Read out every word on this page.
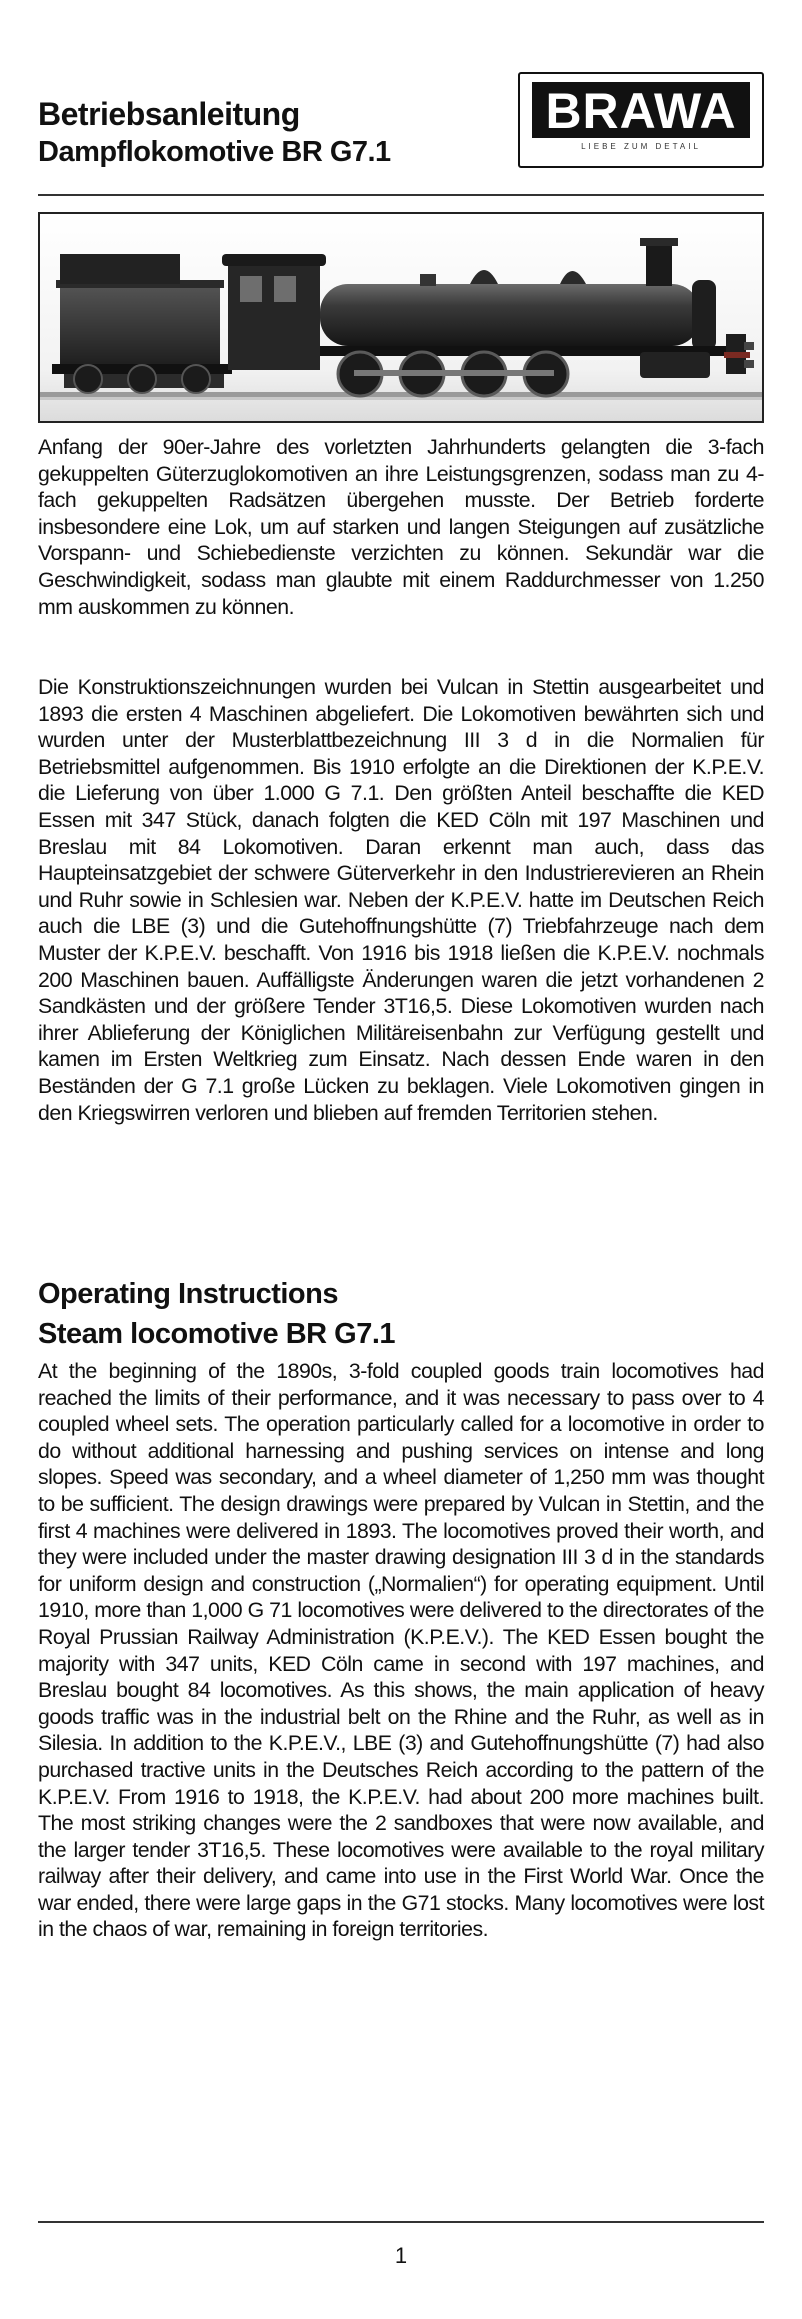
Betriebsanleitung
Dampflokomotive BR G7.1
BRAWA
LIEBE ZUM DETAIL

Anfang der 90er-Jahre des vorletzten Jahrhunderts gelangten die 3-fach gekuppelten Güterzuglokomotiven an ihre Leistungsgrenzen, sodass man zu 4-fach gekuppelten Radsätzen übergehen musste. Der Betrieb forderte insbesondere eine Lok, um auf starken und langen Steigungen auf zusätzliche Vorspann- und Schiebedienste verzichten zu können. Sekundär war die Geschwindigkeit, sodass man glaubte mit einem Raddurchmesser von 1.250 mm auskommen zu können.

Die Konstruktionszeichnungen wurden bei Vulcan in Stettin ausgearbeitet und 1893 die ersten 4 Maschinen abgeliefert. Die Lokomotiven bewährten sich und wurden unter der Musterblattbezeichnung III 3 d in die Normalien für Betriebsmittel aufgenommen. Bis 1910 erfolgte an die Direktionen der K.P.E.V. die Lieferung von über 1.000 G 7.1. Den größten Anteil beschaffte die KED Essen mit 347 Stück, danach folgten die KED Cöln mit 197 Maschinen und Breslau mit 84 Lokomotiven. Daran erkennt man auch, dass das Haupteinsatzgebiet der schwere Güterverkehr in den Industrierevieren an Rhein und Ruhr sowie in Schlesien war. Neben der K.P.E.V. hatte im Deutschen Reich auch die LBE (3) und die Gutehoffnungshütte (7) Triebfahrzeuge nach dem Muster der K.P.E.V. beschafft. Von 1916 bis 1918 ließen die K.P.E.V. nochmals 200 Maschinen bauen. Auffälligste Änderungen waren die jetzt vorhandenen 2 Sandkästen und der größere Tender 3T16,5. Diese Lokomotiven wurden nach ihrer Ablieferung der Königlichen Militäreisenbahn zur Verfügung gestellt und kamen im Ersten Weltkrieg zum Einsatz. Nach dessen Ende waren in den Beständen der G 7.1 große Lücken zu beklagen. Viele Lokomotiven gingen in den Kriegswirren verloren und blieben auf fremden Territorien stehen.

Operating Instructions
Steam locomotive BR G7.1

At the beginning of the 1890s, 3-fold coupled goods train locomotives had reached the limits of their performance, and it was necessary to pass over to 4 coupled wheel sets. The operation particularly called for a locomotive in order to do without additional harnessing and pushing services on intense and long slopes. Speed was secondary, and a wheel diameter of 1,250 mm was thought to be sufficient. The design drawings were prepared by Vulcan in Stettin, and the first 4 machines were delivered in 1893. The locomotives proved their worth, and they were included under the master drawing designation III 3 d in the standards for uniform design and construction („Normalien“) for operating equipment. Until 1910, more than 1,000 G 71 locomotives were delivered to the directorates of the Royal Prussian Railway Administration (K.P.E.V.). The KED Essen bought the majority with 347 units, KED Cöln came in second with 197 machines, and Breslau bought 84 locomotives. As this shows, the main application of heavy goods traffic was in the industrial belt on the Rhine and the Ruhr, as well as in Silesia. In addition to the K.P.E.V., LBE (3) and Gutehoffnungshütte (7) had also purchased tractive units in the Deutsches Reich according to the pattern of the K.P.E.V. From 1916 to 1918, the K.P.E.V. had about 200 more machines built. The most striking changes were the 2 sandboxes that were now available, and the larger tender 3T16,5. These locomotives were available to the royal military railway after their delivery, and came into use in the First World War. Once the war ended, there were large gaps in the G71 stocks. Many locomotives were lost in the chaos of war, remaining in foreign territories.

1
